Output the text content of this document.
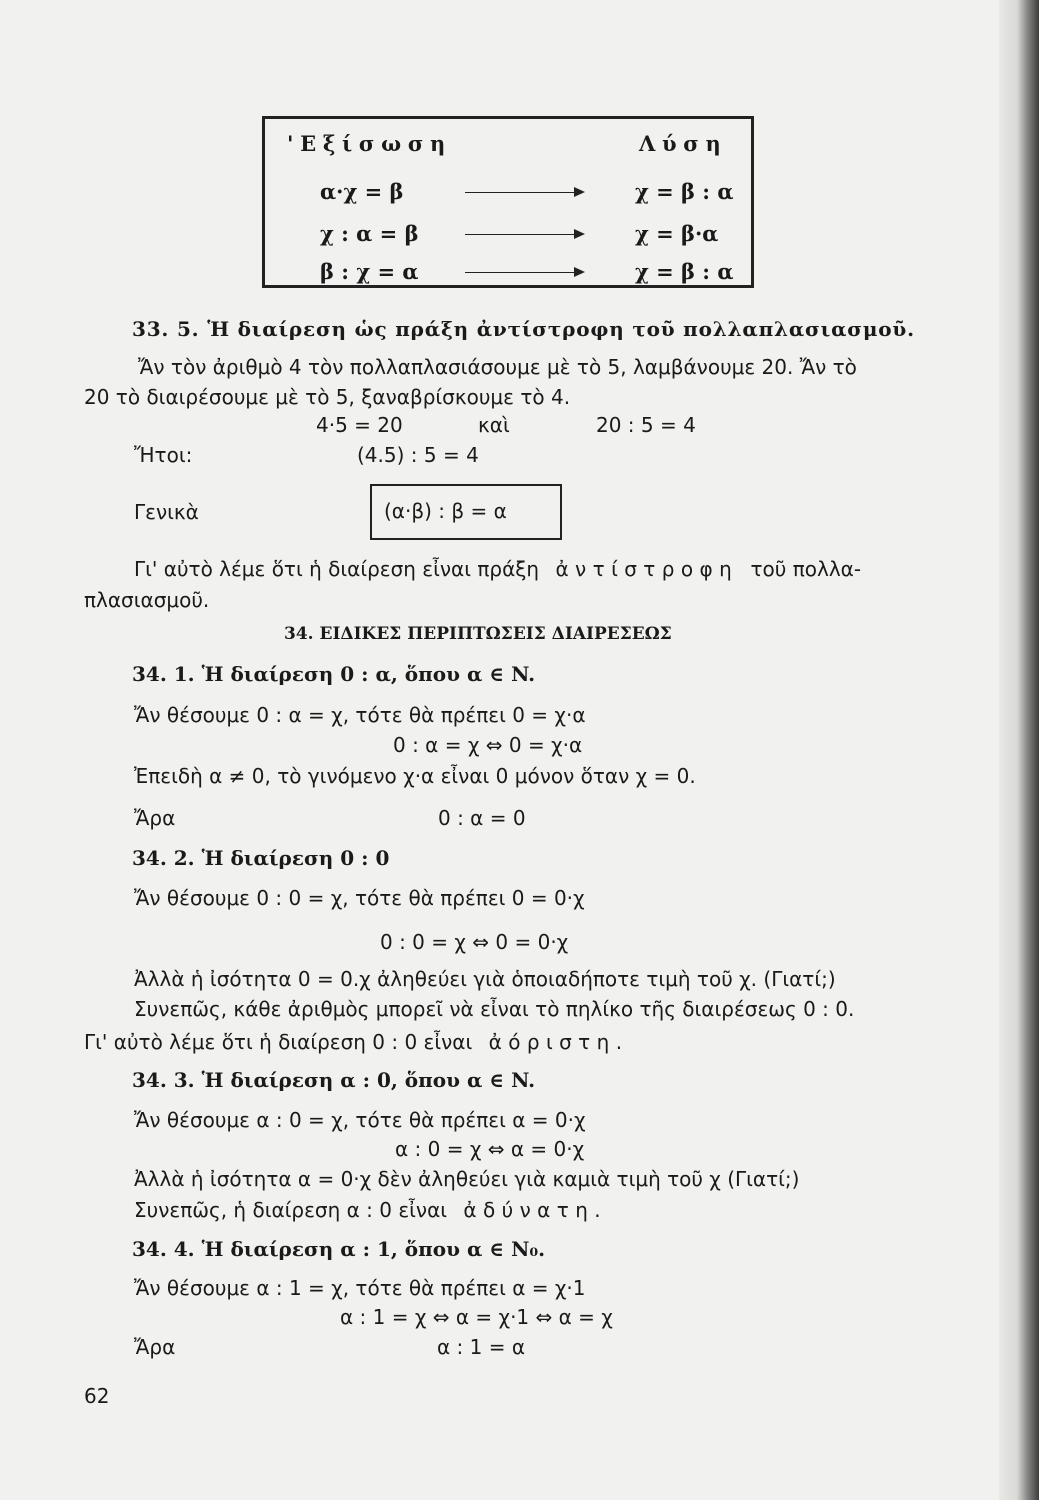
'Εξίσωση	Λύση
α·χ = β	χ = β : α
χ : α = β	χ = β·α
β : χ = α	χ = β : α
33. 5. Ἡ διαίρεση ὡς πράξη ἀντίστροφη τοῦ πολλαπλασιασμοῦ.
Ἄν τὸν ἀριθμὸ 4 τὸν πολλαπλασιάσουμε μὲ τὸ 5, λαμβάνουμε 20. Ἄν τὸ
20 τὸ διαιρέσουμε μὲ τὸ 5, ξαναβρίσκουμε τὸ 4.
4·5 = 20	καὶ	20 : 5 = 4
Ἤτοι:	(4.5) : 5 = 4
Γενικὰ	(α·β) : β = α
Γι' αὐτὸ λέμε ὅτι ἡ διαίρεση εἶναι πράξη ἀντίστροφη τοῦ πολλα-
πλασιασμοῦ.
34. ΕΙΔΙΚΕΣ ΠΕΡΙΠΤΩΣΕΙΣ ΔΙΑΙΡΕΣΕΩΣ
34. 1. Ἡ διαίρεση 0 : α, ὅπου α ∈ N.
Ἄν θέσουμε 0 : α = χ, τότε θὰ πρέπει 0 = χ·α
0 : α = χ ⇔ 0 = χ·α
Ἐπειδὴ α ≠ 0, τὸ γινόμενο χ·α εἶναι 0 μόνον ὅταν χ = 0.
Ἄρα	0 : α = 0
34. 2. Ἡ διαίρεση 0 : 0
Ἄν θέσουμε 0 : 0 = χ, τότε θὰ πρέπει 0 = 0·χ
0 : 0 = χ ⇔ 0 = 0·χ
Ἀλλὰ ἡ ἰσότητα 0 = 0.χ ἀληθεύει γιὰ ὁποιαδήποτε τιμὴ τοῦ χ. (Γιατί;)
Συνεπῶς, κάθε ἀριθμὸς μπορεῖ νὰ εἶναι τὸ πηλίκο τῆς διαιρέσεως 0 : 0.
Γι' αὐτὸ λέμε ὅτι ἡ διαίρεση 0 : 0 εἶναι ἀόριστη.
34. 3. Ἡ διαίρεση α : 0, ὅπου α ∈ N.
Ἄν θέσουμε α : 0 = χ, τότε θὰ πρέπει α = 0·χ
α : 0 = χ ⇔ α = 0·χ
Ἀλλὰ ἡ ἰσότητα α = 0·χ δὲν ἀληθεύει γιὰ καμιὰ τιμὴ τοῦ χ (Γιατί;)
Συνεπῶς, ἡ διαίρεση α : 0 εἶναι ἀδύνατη.
34. 4. Ἡ διαίρεση α : 1, ὅπου α ∈ N₀.
Ἄν θέσουμε α : 1 = χ, τότε θὰ πρέπει α = χ·1
α : 1 = χ ⇔ α = χ·1 ⇔ α = χ
Ἄρα	α : 1 = α
62
